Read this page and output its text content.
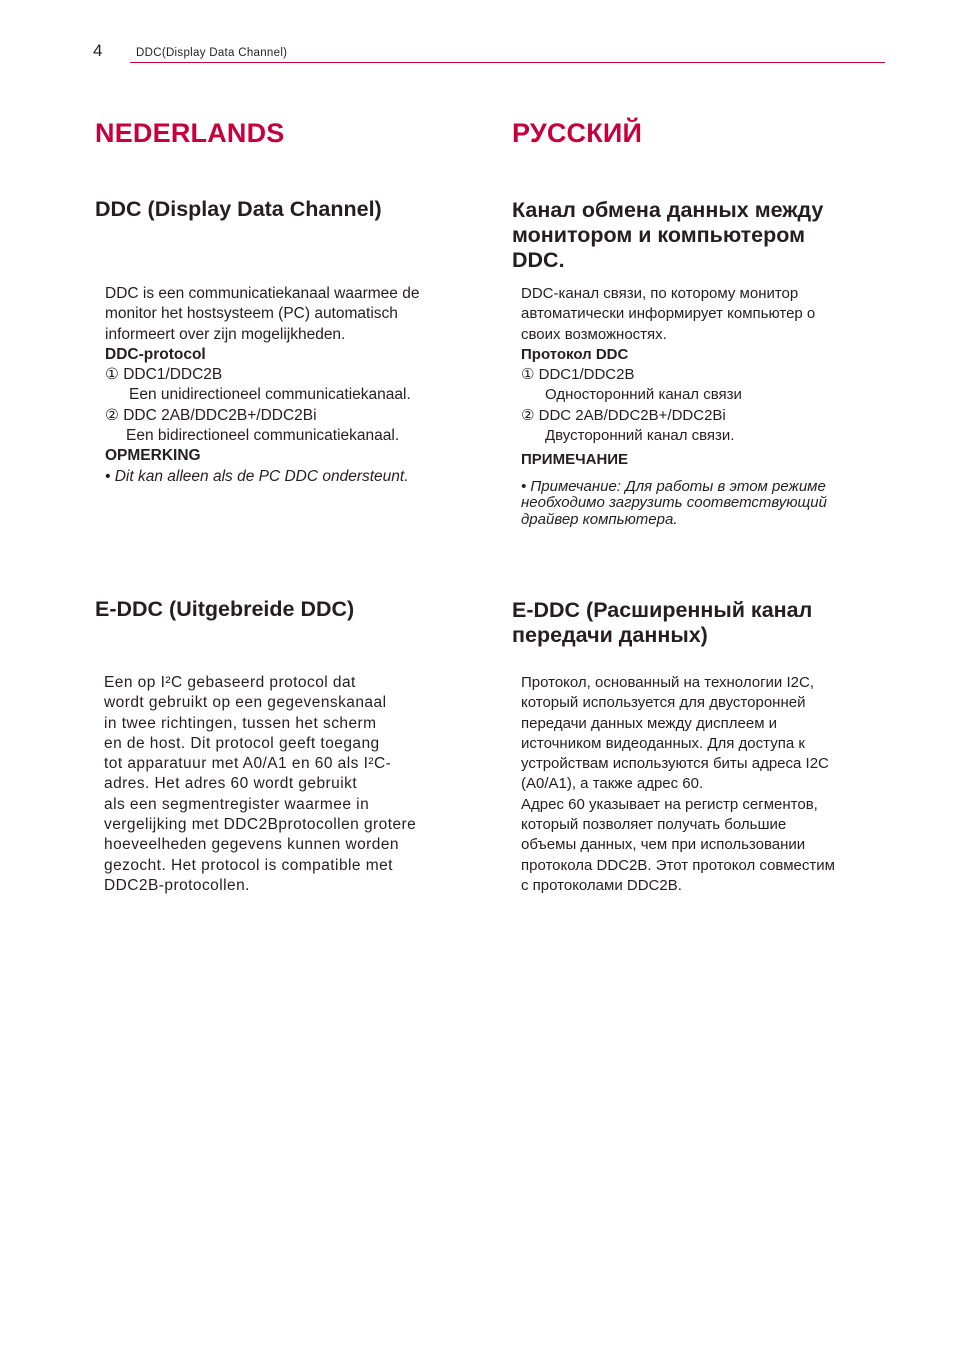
4	DDC(Display Data Channel)
NEDERLANDS
DDC (Display Data Channel)
DDC is een communicatiekanaal waarmee de
monitor het hostsysteem (PC) automatisch
informeert over zijn mogelijkheden.
DDC-protocol
① DDC1/DDC2B
Een unidirectioneel communicatiekanaal.
② DDC 2AB/DDC2B+/DDC2Bi
Een bidirectioneel communicatiekanaal.
OPMERKING
• Dit kan alleen als de PC DDC ondersteunt.
E-DDC (Uitgebreide DDC)
Een op I²C gebaseerd protocol dat
wordt gebruikt op een gegevenskanaal
in twee richtingen, tussen het scherm
en de host. Dit protocol geeft toegang
tot apparatuur met A0/A1 en 60 als I²C-
adres. Het adres 60 wordt gebruikt
als een segmentregister waarmee in
vergelijking met DDC2Bprotocollen grotere
hoeveelheden gegevens kunnen worden
gezocht. Het protocol is compatible met
DDC2B-protocollen.
РУССКИЙ
Канал обмена данных между
монитором и компьютером
DDC.
DDC-канал связи, по которому монитор
автоматически информирует компьютер о
своих возможностях.
Протокол DDC
① DDC1/DDC2B
Односторонний канал связи
② DDC 2AB/DDC2B+/DDC2Bi
Двусторонний канал связи.
ПРИМЕЧАНИЕ
• Примечание: Для работы в этом режиме
необходимо загрузить соответствующий
драйвер компьютера.
E-DDC (Расширенный канал
передачи данных)
Протокол, основанный на технологии I2C,
который используется для двусторонней
передачи данных между дисплеем и
источником видеоданных. Для доступа к
устройствам используются биты адреса I2C
(A0/A1), а также адрес 60.
Адрес 60 указывает на регистр сегментов,
который позволяет получать большие
объемы данных, чем при использовании
протокола DDC2B. Этот протокол совместим
с протоколами DDC2B.
